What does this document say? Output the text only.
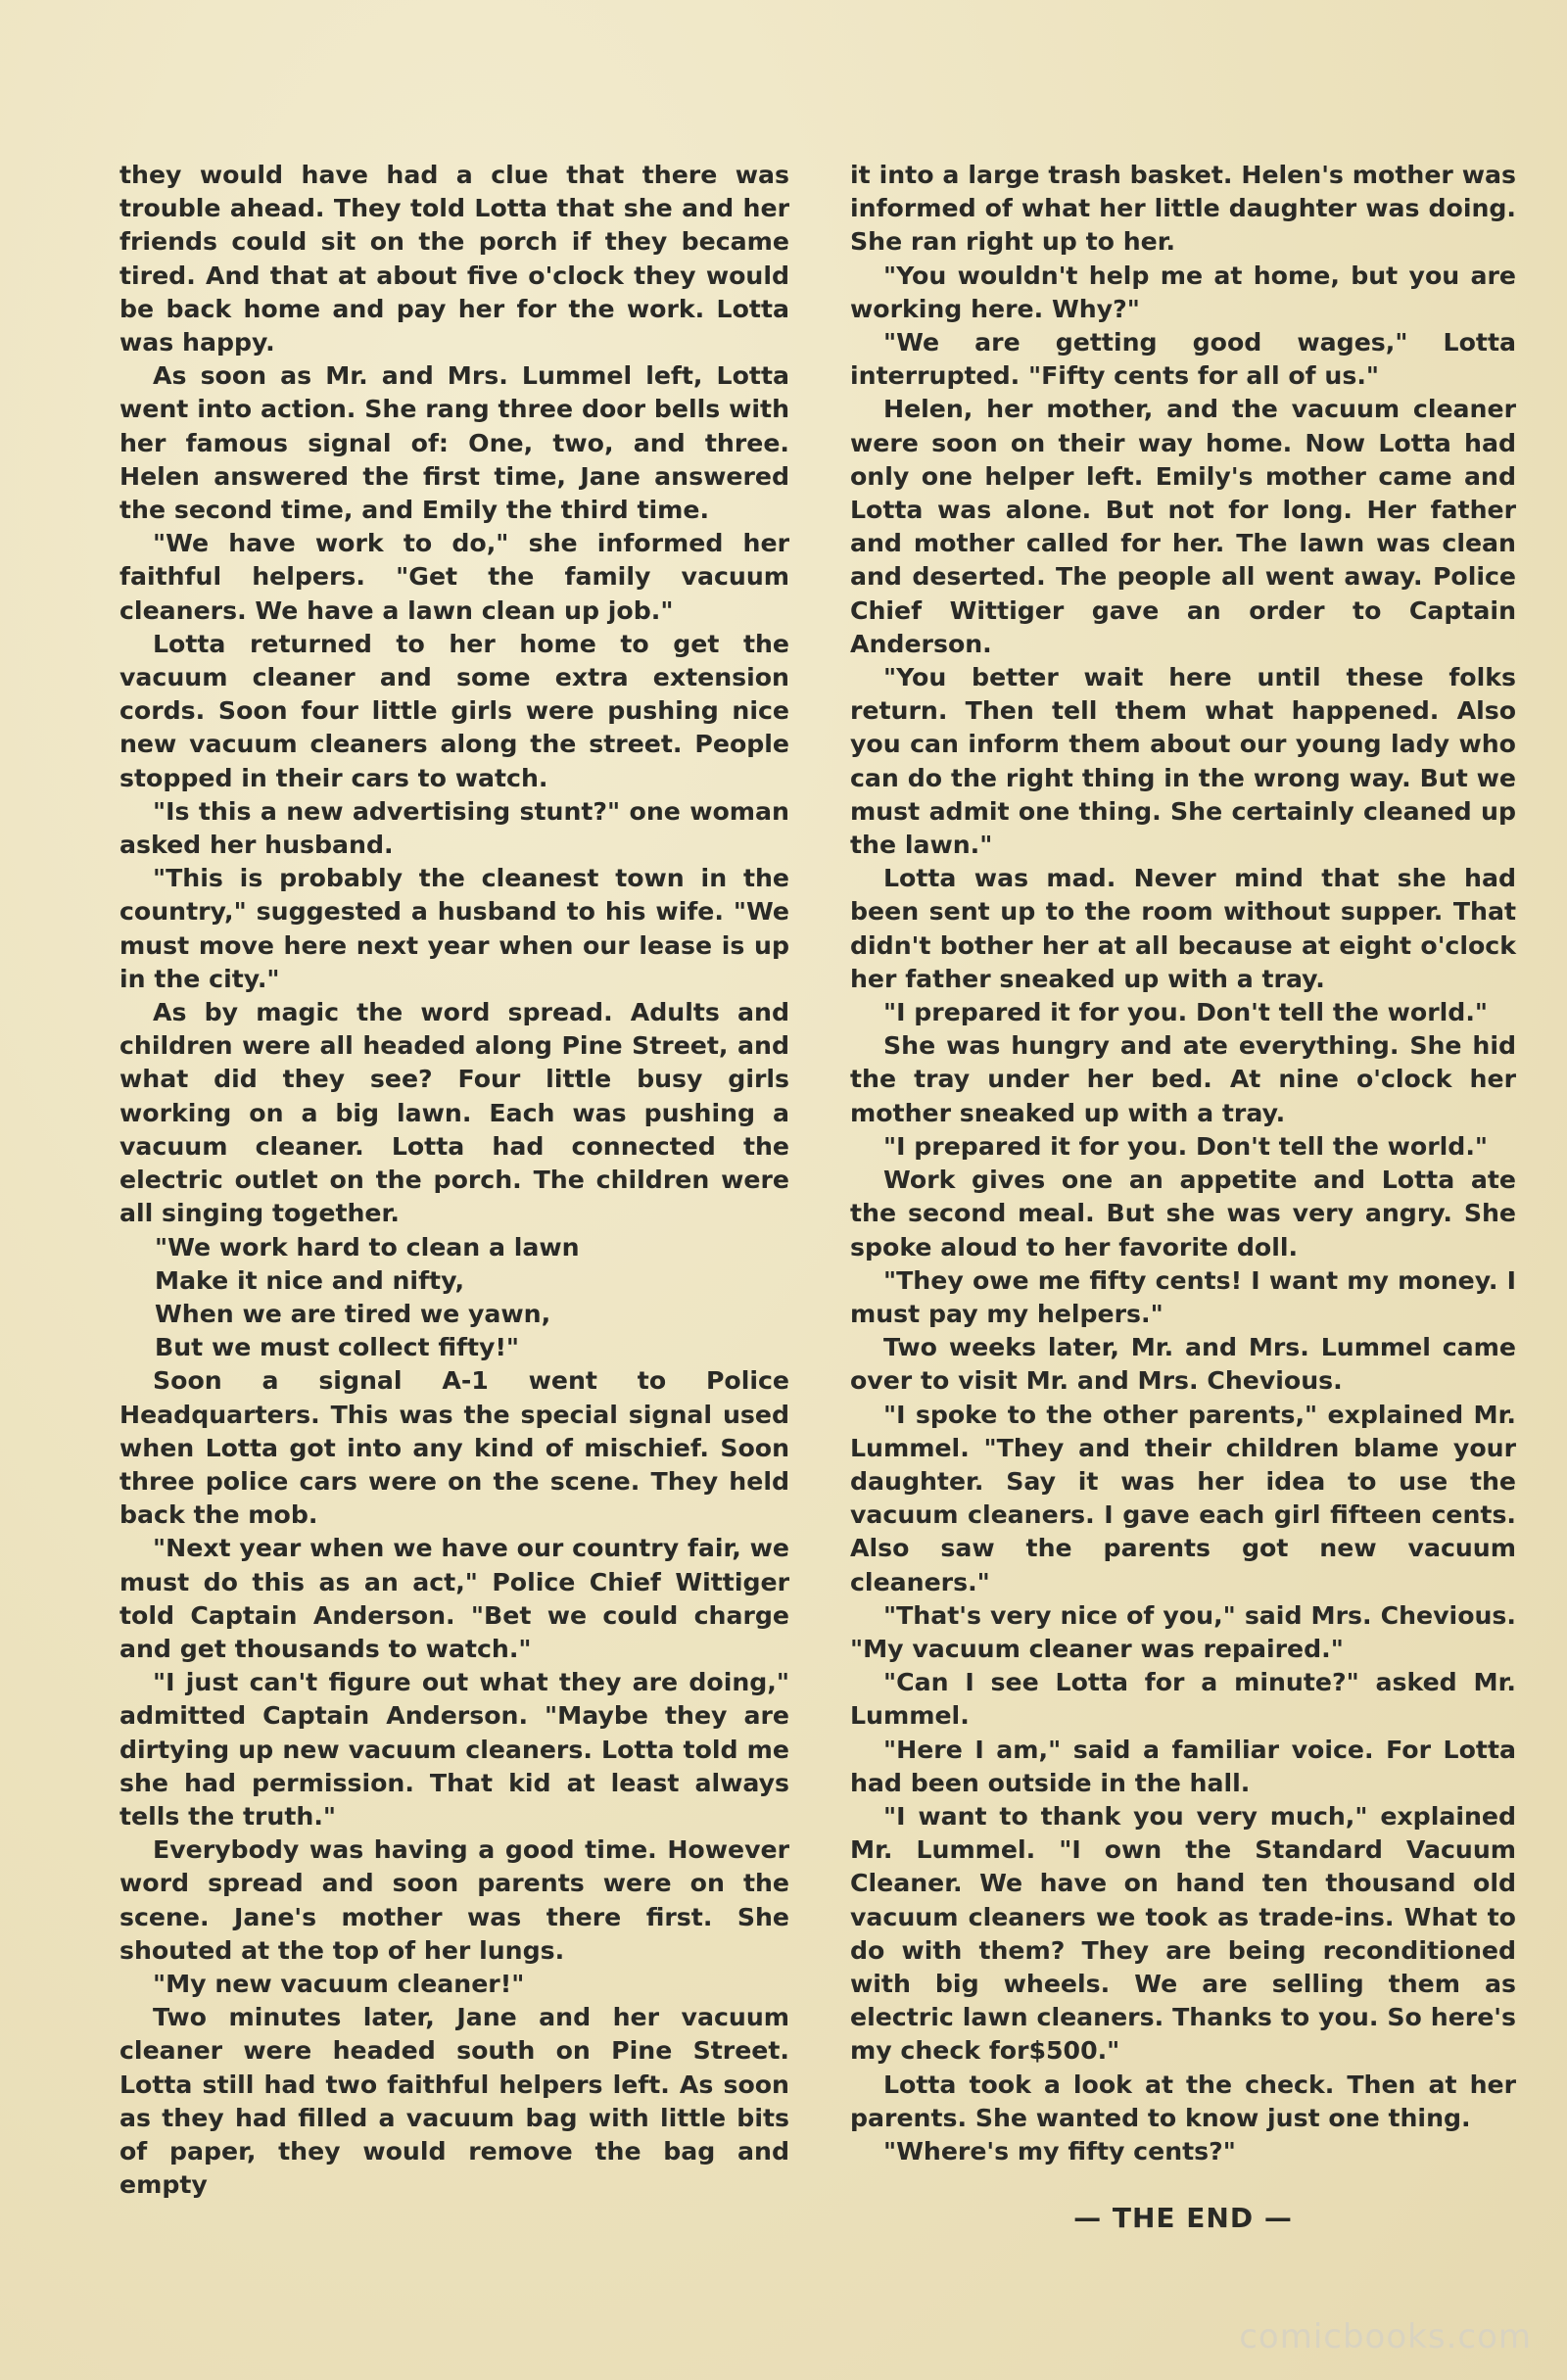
they would have had a clue that there was trouble ahead. They told Lotta that she and her friends could sit on the porch if they became tired. And that at about five o'clock they would be back home and pay her for the work. Lotta was happy.

As soon as Mr. and Mrs. Lummel left, Lotta went into action. She rang three door bells with her famous signal of: One, two, and three. Helen answered the first time, Jane answered the second time, and Emily the third time.

"We have work to do," she informed her faithful helpers. "Get the family vacuum cleaners. We have a lawn clean up job."

Lotta returned to her home to get the vacuum cleaner and some extra extension cords. Soon four little girls were pushing nice new vacuum cleaners along the street. People stopped in their cars to watch.

"Is this a new advertising stunt?" one woman asked her husband.

"This is probably the cleanest town in the country," suggested a husband to his wife. "We must move here next year when our lease is up in the city."

As by magic the word spread. Adults and children were all headed along Pine Street, and what did they see? Four little busy girls working on a big lawn. Each was pushing a vacuum cleaner. Lotta had connected the electric outlet on the porch. The children were all singing together.

"We work hard to clean a lawn
Make it nice and nifty,
When we are tired we yawn,
But we must collect fifty!"

Soon a signal A-1 went to Police Headquarters. This was the special signal used when Lotta got into any kind of mischief. Soon three police cars were on the scene. They held back the mob.

"Next year when we have our country fair, we must do this as an act," Police Chief Wittiger told Captain Anderson. "Bet we could charge and get thousands to watch."

"I just can't figure out what they are doing," admitted Captain Anderson. "Maybe they are dirtying up new vacuum cleaners. Lotta told me she had permission. That kid at least always tells the truth."

Everybody was having a good time. However word spread and soon parents were on the scene. Jane's mother was there first. She shouted at the top of her lungs.

"My new vacuum cleaner!"

Two minutes later, Jane and her vacuum cleaner were headed south on Pine Street. Lotta still had two faithful helpers left. As soon as they had filled a vacuum bag with little bits of paper, they would remove the bag and empty

it into a large trash basket. Helen's mother was informed of what her little daughter was doing. She ran right up to her.

"You wouldn't help me at home, but you are working here. Why?"

"We are getting good wages," Lotta interrupted. "Fifty cents for all of us."

Helen, her mother, and the vacuum cleaner were soon on their way home. Now Lotta had only one helper left. Emily's mother came and Lotta was alone. But not for long. Her father and mother called for her. The lawn was clean and deserted. The people all went away. Police Chief Wittiger gave an order to Captain Anderson.

"You better wait here until these folks return. Then tell them what happened. Also you can inform them about our young lady who can do the right thing in the wrong way. But we must admit one thing. She certainly cleaned up the lawn."

Lotta was mad. Never mind that she had been sent up to the room without supper. That didn't bother her at all because at eight o'clock her father sneaked up with a tray.

"I prepared it for you. Don't tell the world."

She was hungry and ate everything. She hid the tray under her bed. At nine o'clock her mother sneaked up with a tray.

"I prepared it for you. Don't tell the world."

Work gives one an appetite and Lotta ate the second meal. But she was very angry. She spoke aloud to her favorite doll.

"They owe me fifty cents! I want my money. I must pay my helpers."

Two weeks later, Mr. and Mrs. Lummel came over to visit Mr. and Mrs. Chevious.

"I spoke to the other parents," explained Mr. Lummel. "They and their children blame your daughter. Say it was her idea to use the vacuum cleaners. I gave each girl fifteen cents. Also saw the parents got new vacuum cleaners."

"That's very nice of you," said Mrs. Chevious. "My vacuum cleaner was repaired."

"Can I see Lotta for a minute?" asked Mr. Lummel.

"Here I am," said a familiar voice. For Lotta had been outside in the hall.

"I want to thank you very much," explained Mr. Lummel. "I own the Standard Vacuum Cleaner. We have on hand ten thousand old vacuum cleaners we took as trade-ins. What to do with them? They are being reconditioned with big wheels. We are selling them as electric lawn cleaners. Thanks to you. So here's my check for$500."

Lotta took a look at the check. Then at her parents. She wanted to know just one thing.

"Where's my fifty cents?"

— THE END —
comicbooks.com
